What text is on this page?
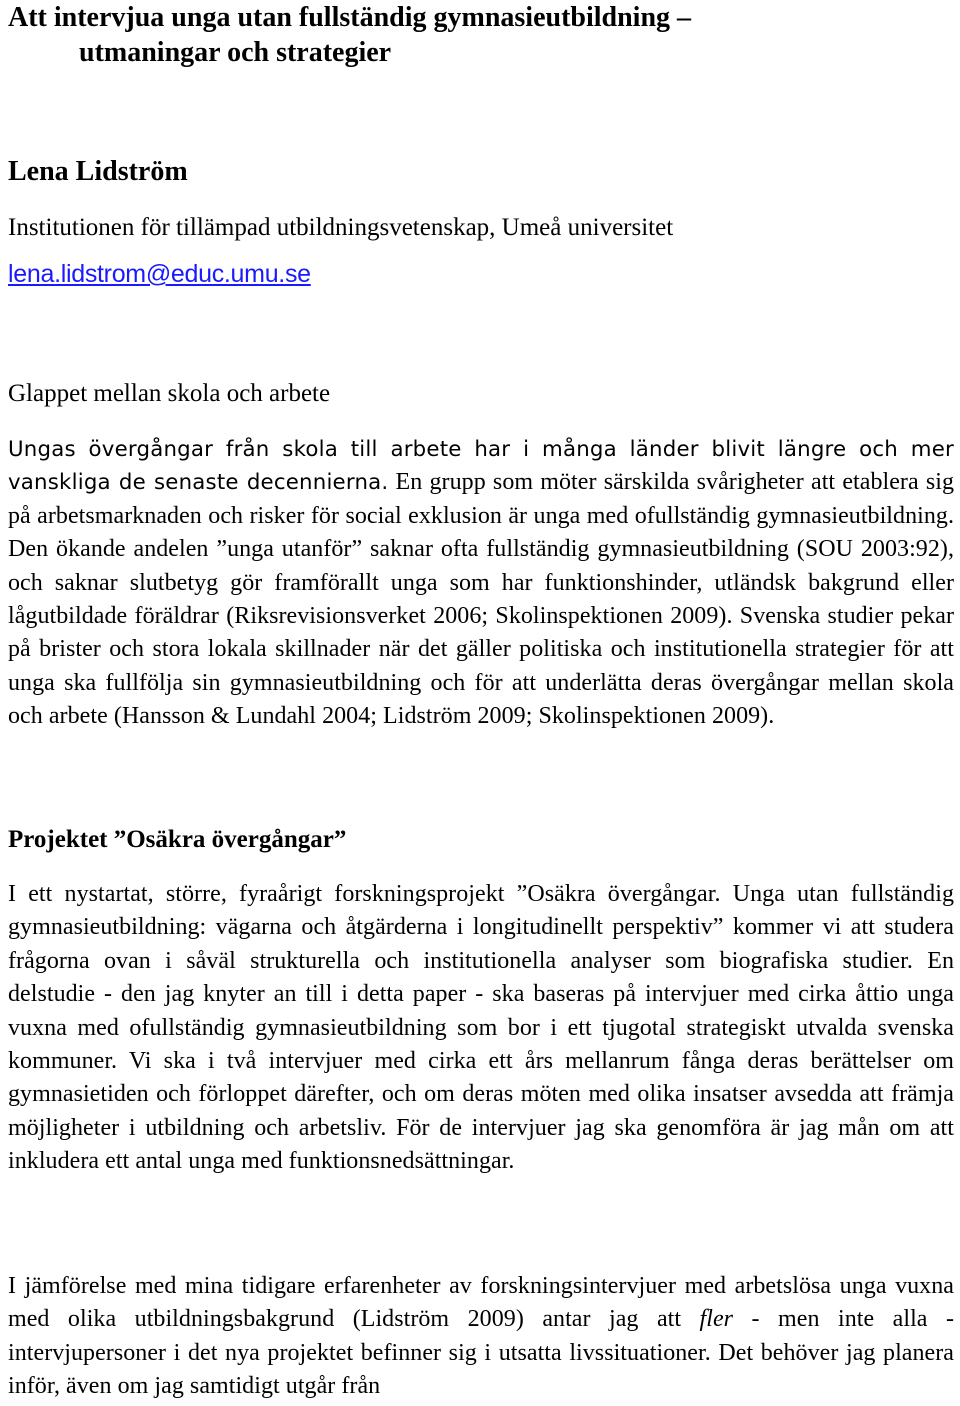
Att intervjua unga utan fullständig gymnasieutbildning –
utmaningar och strategier
Lena Lidström

Institutionen för tillämpad utbildningsvetenskap, Umeå universitet

lena.lidstrom@educ.umu.se
Glappet mellan skola och arbete

Ungas övergångar från skola till arbete har i många länder blivit längre och mer vanskliga de senaste decennierna. En grupp som möter särskilda svårigheter att etablera sig på arbetsmarknaden och risker för social exklusion är unga med ofullständig gymnasieutbildning. Den ökande andelen ”unga utanför” saknar ofta fullständig gymnasieutbildning (SOU 2003:92), och saknar slutbetyg gör framförallt unga som har funktionshinder, utländsk bakgrund eller lågutbildade föräldrar (Riksrevisionsverket 2006; Skolinspektionen 2009). Svenska studier pekar på brister och stora lokala skillnader när det gäller politiska och institutionella strategier för att unga ska fullfölja sin gymnasieutbildning och för att underlätta deras övergångar mellan skola och arbete (Hansson & Lundahl 2004; Lidström 2009; Skolinspektionen 2009).

Projektet ”Osäkra övergångar”

I ett nystartat, större, fyraårigt forskningsprojekt ”Osäkra övergångar. Unga utan fullständig gymnasieutbildning: vägarna och åtgärderna i longitudinellt perspektiv” kommer vi att studera frågorna ovan i såväl strukturella och institutionella analyser som biografiska studier. En delstudie - den jag knyter an till i detta paper - ska baseras på intervjuer med cirka åttio unga vuxna med ofullständig gymnasieutbildning som bor i ett tjugotal strategiskt utvalda svenska kommuner. Vi ska i två intervjuer med cirka ett års mellanrum fånga deras berättelser om gymnasietiden och förloppet därefter, och om deras möten med olika insatser avsedda att främja möjligheter i utbildning och arbetsliv. För de intervjuer jag ska genomföra är jag mån om att inkludera ett antal unga med funktionsnedsättningar.

I jämförelse med mina tidigare erfarenheter av forskningsintervjuer med arbetslösa unga vuxna med olika utbildningsbakgrund (Lidström 2009) antar jag att fler - men inte alla - intervjupersoner i det nya projektet befinner sig i utsatta livssituationer. Det behöver jag planera inför, även om jag samtidigt utgår från
